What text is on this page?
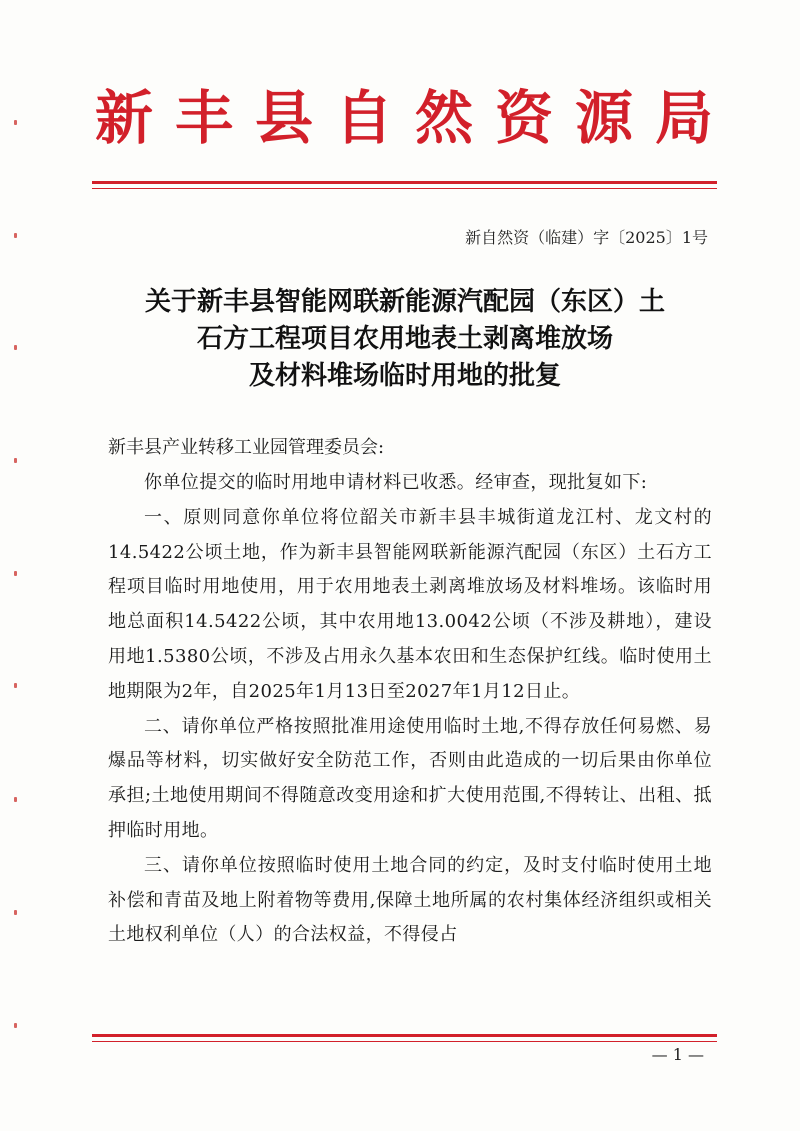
新丰县自然资源局
新自然资（临建）字〔2025〕1号
关于新丰县智能网联新能源汽配园（东区）土
石方工程项目农用地表土剥离堆放场
及材料堆场临时用地的批复
新丰县产业转移工业园管理委员会:

你单位提交的临时用地申请材料已收悉。经审查，现批复如下:

一、原则同意你单位将位韶关市新丰县丰城街道龙江村、龙文村的14.5422公顷土地，作为新丰县智能网联新能源汽配园（东区）土石方工程项目临时用地使用，用于农用地表土剥离堆放场及材料堆场。该临时用地总面积14.5422公顷，其中农用地13.0042公顷（不涉及耕地），建设用地1.5380公顷，不涉及占用永久基本农田和生态保护红线。临时使用土地期限为2年，自2025年1月13日至2027年1月12日止。

二、请你单位严格按照批准用途使用临时土地,不得存放任何易燃、易爆品等材料，切实做好安全防范工作，否则由此造成的一切后果由你单位承担;土地使用期间不得随意改变用途和扩大使用范围,不得转让、出租、抵押临时用地。

三、请你单位按照临时使用土地合同的约定，及时支付临时使用土地补偿和青苗及地上附着物等费用,保障土地所属的农村集体经济组织或相关土地权利单位（人）的合法权益，不得侵占

— 1 —
